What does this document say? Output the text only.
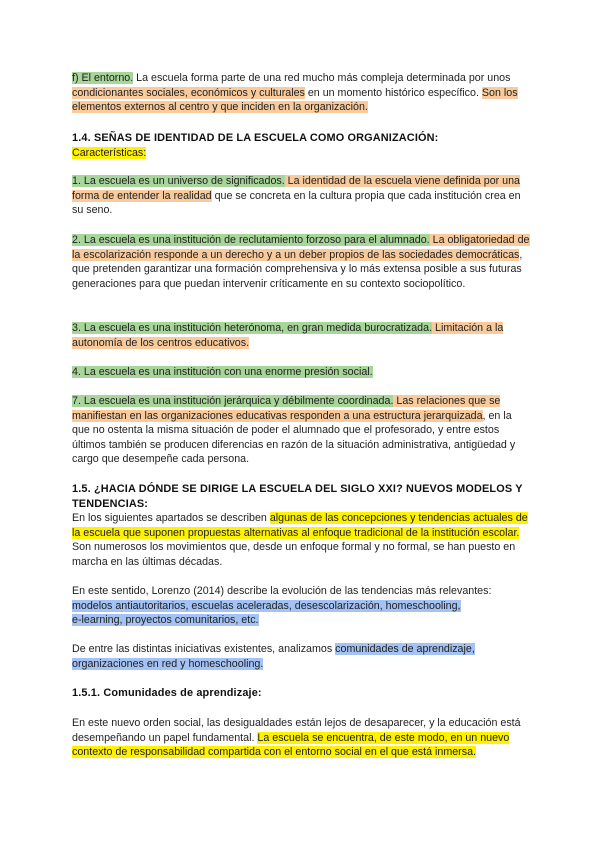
f) El entorno. La escuela forma parte de una red mucho más compleja determinada por unos condicionantes sociales, económicos y culturales en un momento histórico específico. Son los elementos externos al centro y que inciden en la organización.

1.4. SEÑAS DE IDENTIDAD DE LA ESCUELA COMO ORGANIZACIÓN:

Características:

1. La escuela es un universo de significados. La identidad de la escuela viene definida por una forma de entender la realidad que se concreta en la cultura propia que cada institución crea en su seno.

2. La escuela es una institución de reclutamiento forzoso para el alumnado. La obligatoriedad de la escolarización responde a un derecho y a un deber propios de las sociedades democráticas, que pretenden garantizar una formación comprehensiva y lo más extensa posible a sus futuras generaciones para que puedan intervenir críticamente en su contexto sociopolítico.

3. La escuela es una institución heterónoma, en gran medida burocratizada. Limitación a la autonomía de los centros educativos.

4. La escuela es una institución con una enorme presión social.

7. La escuela es una institución jerárquica y débilmente coordinada. Las relaciones que se manifiestan en las organizaciones educativas responden a una estructura jerarquizada, en la que no ostenta la misma situación de poder el alumnado que el profesorado, y entre estos últimos también se producen diferencias en razón de la situación administrativa, antigüedad y cargo que desempeñe cada persona.

1.5. ¿HACIA DÓNDE SE DIRIGE LA ESCUELA DEL SIGLO XXI? NUEVOS MODELOS Y TENDENCIAS:

En los siguientes apartados se describen algunas de las concepciones y tendencias actuales de la escuela que suponen propuestas alternativas al enfoque tradicional de la institución escolar. Son numerosos los movimientos que, desde un enfoque formal y no formal, se han puesto en marcha en las últimas décadas.

En este sentido, Lorenzo (2014) describe la evolución de las tendencias más relevantes:
modelos antiautoritarios, escuelas aceleradas, desescolarización, homeschooling,
e-learning, proyectos comunitarios, etc.

De entre las distintas iniciativas existentes, analizamos comunidades de aprendizaje, organizaciones en red y homeschooling.

1.5.1. Comunidades de aprendizaje:

En este nuevo orden social, las desigualdades están lejos de desaparecer, y la educación está desempeñando un papel fundamental. La escuela se encuentra, de este modo, en un nuevo contexto de responsabilidad compartida con el entorno social en el que está inmersa.
